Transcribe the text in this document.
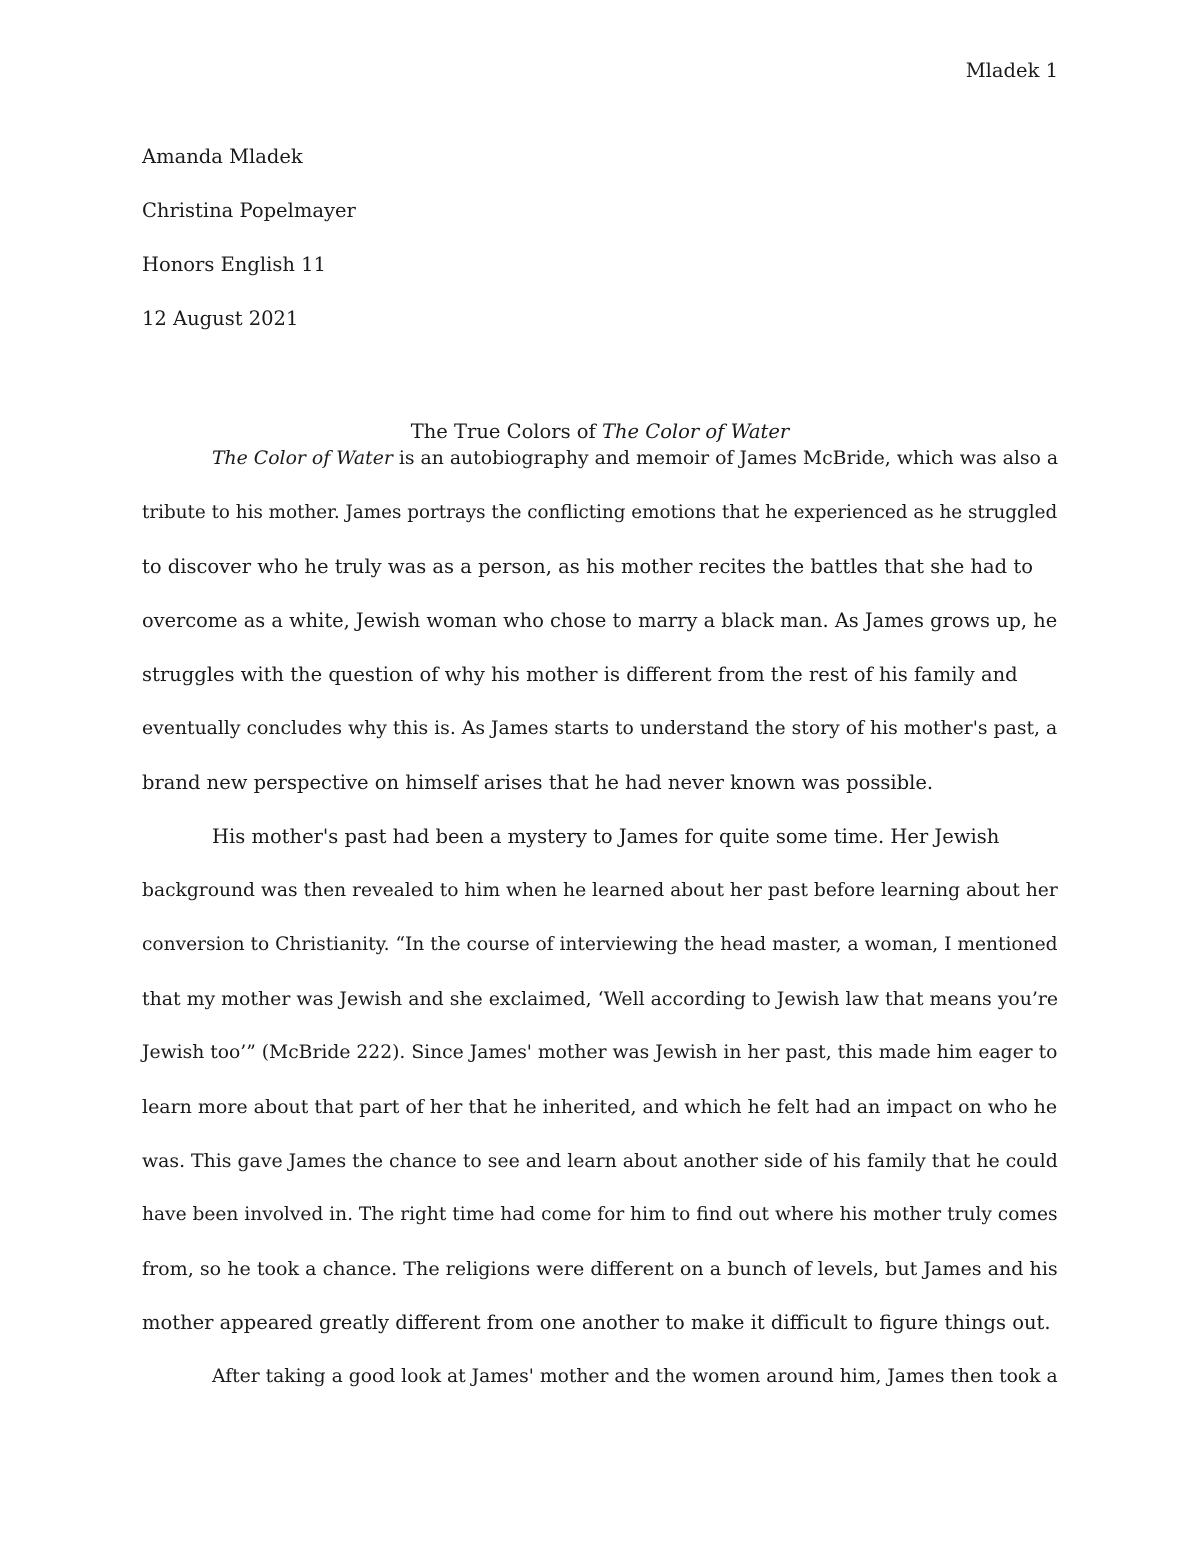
Mladek 1
Amanda Mladek
Christina Popelmayer
Honors English 11
12 August 2021
The True Colors of The Color of Water
The Color of Water is an autobiography and memoir of James McBride, which was also a
tribute to his mother. James portrays the conflicting emotions that he experienced as he struggled
to discover who he truly was as a person, as his mother recites the battles that she had to
overcome as a white, Jewish woman who chose to marry a black man. As James grows up, he
struggles with the question of why his mother is different from the rest of his family and
eventually concludes why this is. As James starts to understand the story of his mother's past, a
brand new perspective on himself arises that he had never known was possible.
His mother's past had been a mystery to James for quite some time. Her Jewish
background was then revealed to him when he learned about her past before learning about her
conversion to Christianity. “In the course of interviewing the head master, a woman, I mentioned
that my mother was Jewish and she exclaimed, ‘Well according to Jewish law that means you’re
Jewish too’” (McBride 222). Since James' mother was Jewish in her past, this made him eager to
learn more about that part of her that he inherited, and which he felt had an impact on who he
was. This gave James the chance to see and learn about another side of his family that he could
have been involved in. The right time had come for him to find out where his mother truly comes
from, so he took a chance. The religions were different on a bunch of levels, but James and his
mother appeared greatly different from one another to make it difficult to figure things out.
After taking a good look at James' mother and the women around him, James then took a
